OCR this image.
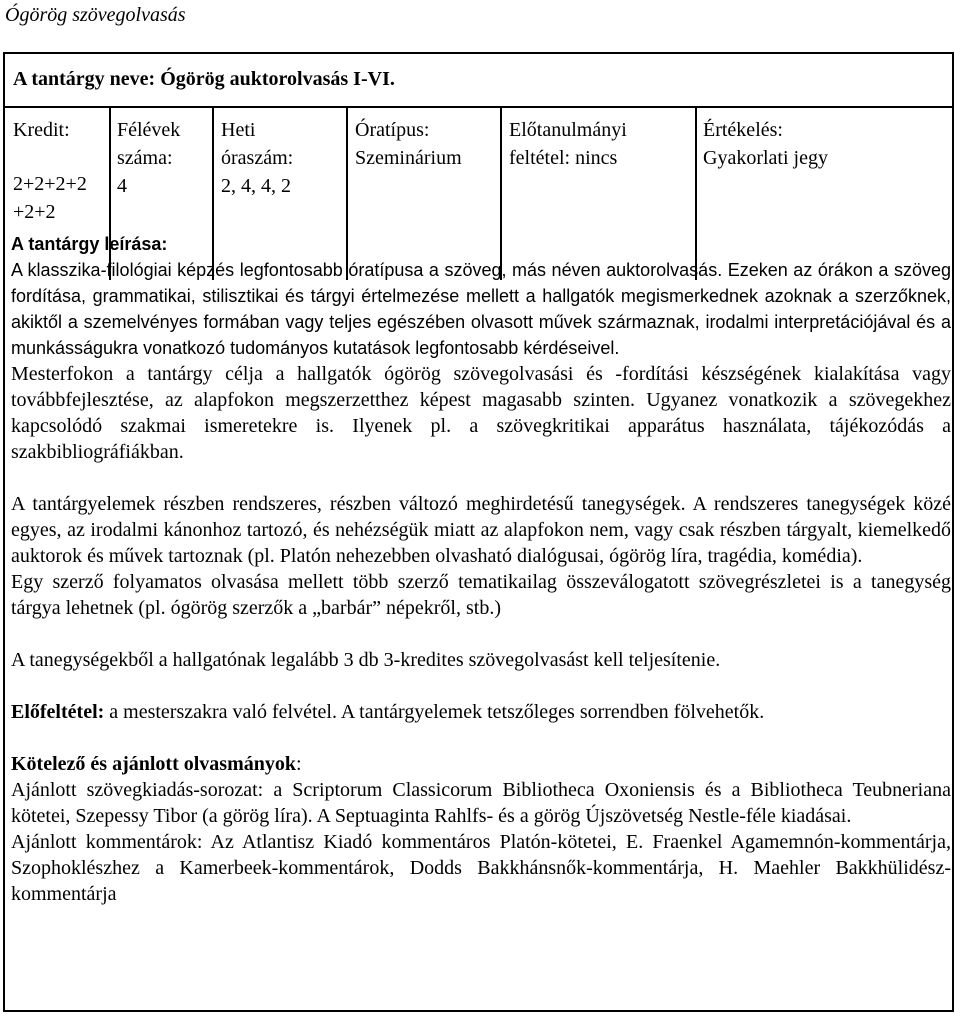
Ógörög szövegolvasás
A tantárgy neve: Ógörög auktorolvasás I-VI.
Kredit:
2+2+2+2
+2+2
Félévek
száma:
4
Heti
óraszám:
2, 4, 4, 2
Óratípus:
Szeminárium
Előtanulmányi
feltétel: nincs
Értékelés:
Gyakorlati jegy
A tantárgy leírása:

A klasszika-filológiai képzés legfontosabb óratípusa a szöveg, más néven auktorolvasás. Ezeken az órákon a szöveg fordítása, grammatikai, stilisztikai és tárgyi értelmezése mellett a hallgatók megismerkednek azoknak a szerzőknek, akiktől a szemelvényes formában vagy teljes egészében olvasott művek származnak, irodalmi interpretációjával és a munkásságukra vonatkozó tudományos kutatások legfontosabb kérdéseivel.

Mesterfokon a tantárgy célja a hallgatók ógörög szövegolvasási és -fordítási készségének kialakítása vagy továbbfejlesztése, az alapfokon megszerzetthez képest magasabb szinten. Ugyanez vonatkozik a szövegekhez kapcsolódó szakmai ismeretekre is. Ilyenek pl. a szövegkritikai apparátus használata, tájékozódás a szakbibliográfiákban.

A tantárgyelemek részben rendszeres, részben változó meghirdetésű tanegységek. A rendszeres tanegységek közé egyes, az irodalmi kánonhoz tartozó, és nehézségük miatt az alapfokon nem, vagy csak részben tárgyalt, kiemelkedő auktorok és művek tartoznak (pl. Platón nehezebben olvasható dialógusai, ógörög líra, tragédia, komédia).

Egy szerző folyamatos olvasása mellett több szerző tematikailag összeválogatott szövegrészletei is a tanegység tárgya lehetnek (pl. ógörög szerzők a „barbár” népekről, stb.)

A tanegységekből a hallgatónak legalább 3 db 3-kredites szövegolvasást kell teljesítenie.

Előfeltétel: a mesterszakra való felvétel. A tantárgyelemek tetszőleges sorrendben fölvehetők.

Kötelező és ajánlott olvasmányok:

Ajánlott szövegkiadás-sorozat: a Scriptorum Classicorum Bibliotheca Oxoniensis és a Bibliotheca Teubneriana kötetei, Szepessy Tibor (a görög líra). A Septuaginta Rahlfs- és a görög Újszövetség Nestle-féle kiadásai.

Ajánlott kommentárok: Az Atlantisz Kiadó kommentáros Platón-kötetei, E. Fraenkel Agamemnón-kommentárja, Szophoklészhez a Kamerbeek-kommentárok, Dodds Bakkhánsnők-kommentárja, H. Maehler Bakkhülidész-kommentárja
